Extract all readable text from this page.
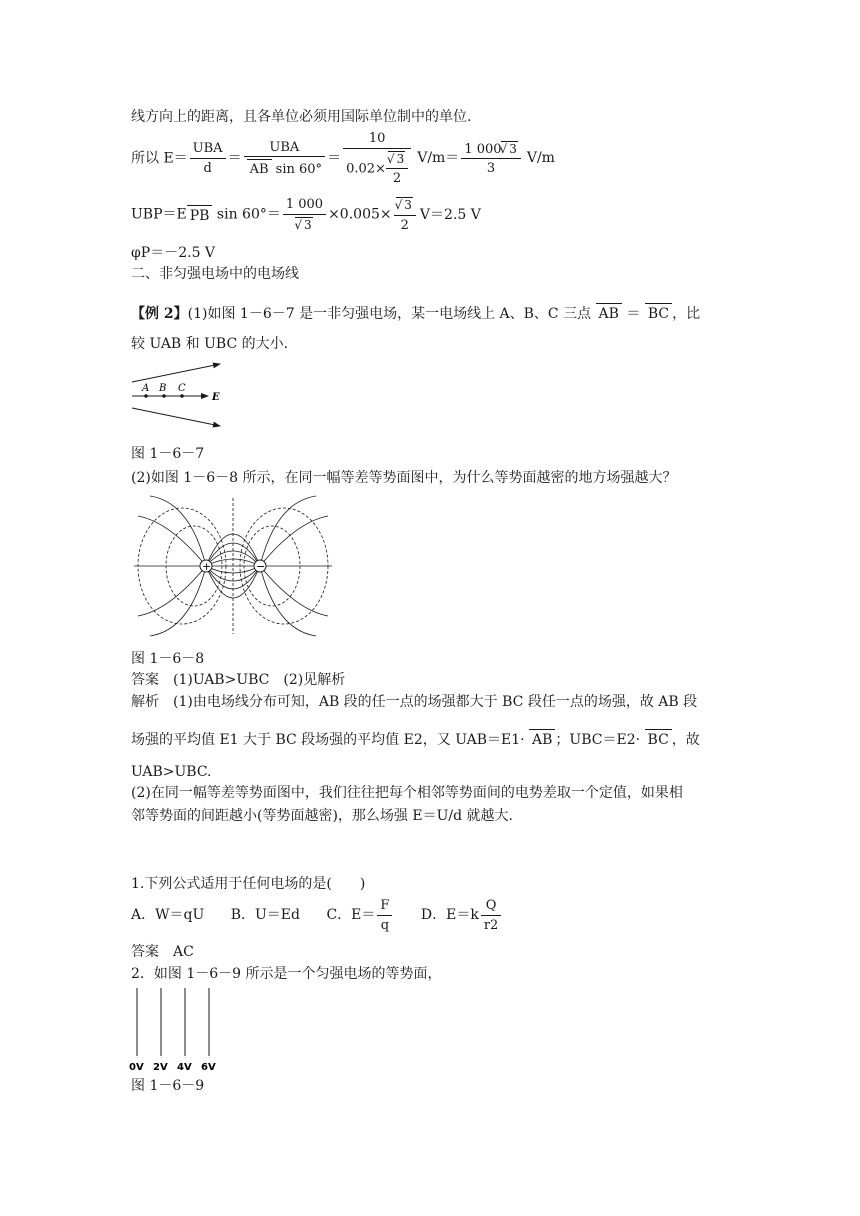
线方向上的距离，且各单位必须用国际单位制中的单位.
所以 $E= \frac{\text{UBA}}{d} = \frac{\text{UBA}}{\text{AB sin 60°}} = 10$
0.02×
√ $\frac{3}{2} V/m= \frac{1 000√ 3}{3} V/m$
UBP＝E PB sin 60°＝ 1 000
√ 3 ×0.005×
√ $\frac{3}{2} V=2.5$ V
φP＝－2.5 V
二、非匀强电场中的电场线
【例 2】(1)如图 1－6－7 是一非匀强电场，某一电场线上 A、B、C 三点 AB ＝ BC ，比
较 UAB 和 UBC 的大小.
A B C
E
图 1－6－7
(2)如图 1－6－8 所示，在同一幅等差等势面图中，为什么等势面越密的地方场强越大？
+	−
图 1－6－8
答案　(1)UAB>UBC　(2)见解析
解析　(1)由电场线分布可知，AB 段的任一点的场强都大于 BC 段任一点的场强，故 AB 段
场强的平均值 E1 大于 BC 段场强的平均值 E2，又 UAB＝E1· AB ；UBC＝E2· BC ，故
UAB>UBC.
(2)在同一幅等差等势面图中，我们往往把每个相邻等势面间的电势差取一个定值，如果相
邻等势面的间距越小(等势面越密)，那么场强 E＝U/d 就越大.
1.下列公式适用于任何电场的是(　　)
A．W＝qU B．U＝Ed C．$E= \frac{F}{q}$ D．$E=k \frac{Q}{r2}$
答案　AC
2．如图 1－6－9 所示是一个匀强电场的等势面，
0V 2V 4V 6V
图 1－6－9
